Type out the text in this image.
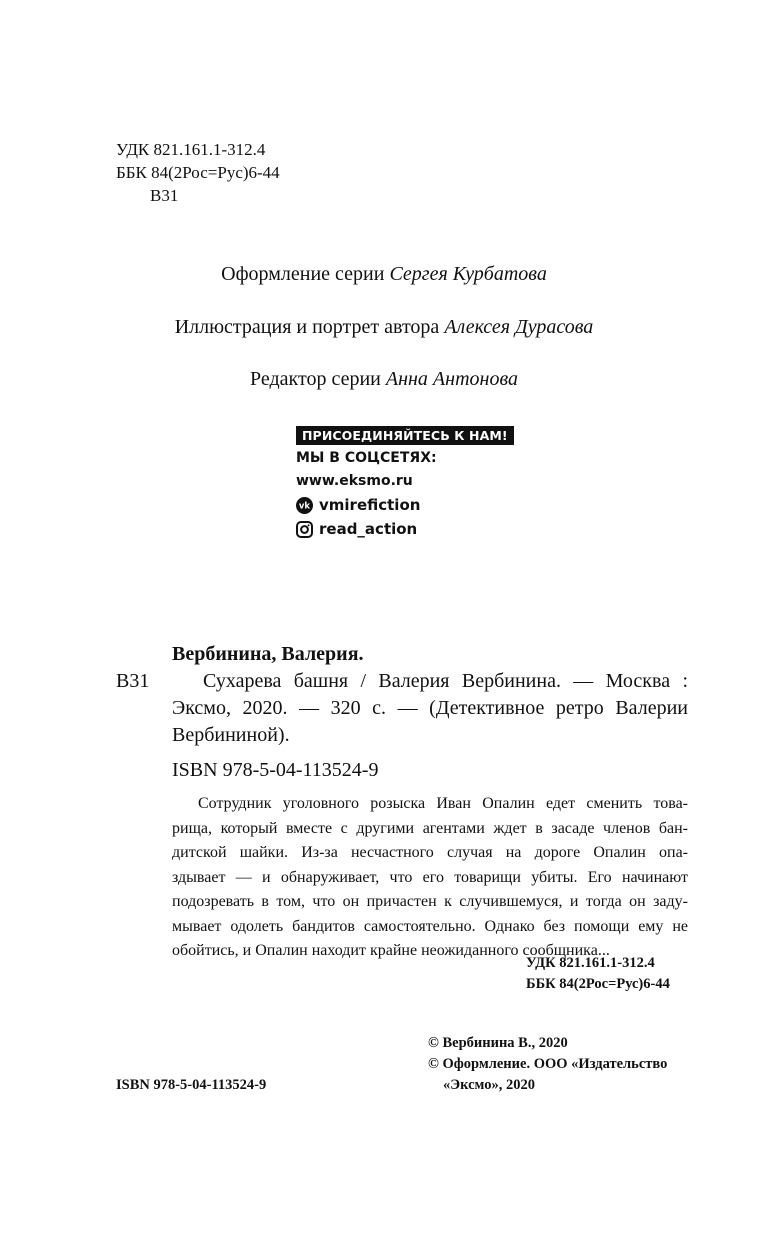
УДК 821.161.1-312.4
ББК 84(2Рос=Рус)6-44
В31
Оформление серии Сергея Курбатова
Иллюстрация и портрет автора Алексея Дурасова
Редактор серии Анна Антонова
ПРИСОЕДИНЯЙТЕСЬ К НАМ!
МЫ В СОЦСЕТЯХ:
www.eksmo.ru
vk vmirefiction
read_action
Вербинина, Валерия.
В31	Сухарева башня / Валерия Вербинина. — Москва :
Эксмо, 2020. — 320 с. — (Детективное ретро Валерии
Вербининой).
ISBN 978-5-04-113524-9

Сотрудник уголовного розыска Иван Опалин едет сменить това-

рища, который вместе с другими агентами ждет в засаде членов бан-

дитской шайки. Из-за несчастного случая на дороге Опалин опа-

здывает — и обнаруживает, что его товарищи убиты. Его начинают

подозревать в том, что он причастен к случившемуся, и тогда он заду-

мывает одолеть бандитов самостоятельно. Однако без помощи ему не

обойтись, и Опалин находит крайне неожиданного сообщника...

УДК 821.161.1-312.4
ББК 84(2Рос=Рус)6-44
© Вербинина В., 2020
© Оформление. ООО «Издательство
«Эксмо», 2020
ISBN 978-5-04-113524-9
